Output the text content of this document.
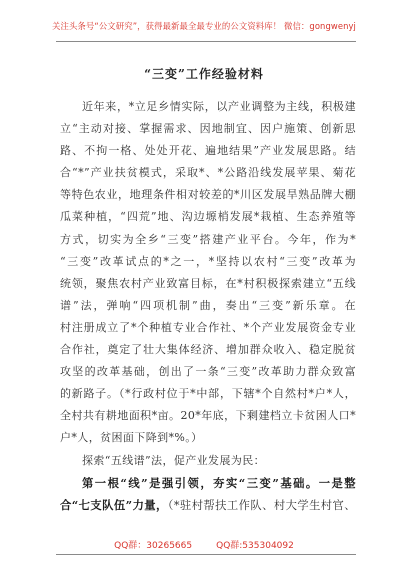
关注头条号“公文研究”，获得最新最全最专业的公文资料库！ 微信：gongwenyj
“三变”工作经验材料
近年来，*立足乡情实际，以产业调整为主线，积极建
立“主动对接、掌握需求、因地制宜、因户施策、创新思
路、不拘一格、处处开花、遍地结果”产业发展思路。结
合“*”产业扶贫模式，采取*、*公路沿线发展苹果、菊花
等特色农业，地理条件相对较差的*川区发展旱熟品牌大棚
瓜菜种植，“四荒”地、沟边塬梢发展*栽植、生态养殖等
方式，切实为全乡“三变”搭建产业平台。今年，作为*
“三变”改革试点的*之一，*坚持以农村“三变”改革为
统领，聚焦农村产业致富目标，在*村积极探索建立“五线
谱”法，弹响“四项机制”曲，奏出“三变”新乐章。在
村注册成立了*个种植专业合作社、*个产业发展资金专业
合作社，奠定了壮大集体经济、增加群众收入、稳定脱贫
攻坚的改革基础，创出了一条“三变”改革助力群众致富
的新路子。（*行政村位于*中部，下辖*个自然村*户*人，
全村共有耕地面积*亩。20*年底，下剩建档立卡贫困人口*
户*人，贫困面下降到*%。）
探索“五线谱”法，促产业发展为民：
第一根“线”是强引领，夯实“三变”基础。一是整
合“七支队伍”力量，（*驻村帮扶工作队、村大学生村官、
QQ群：30265665	QQ群:535304092
